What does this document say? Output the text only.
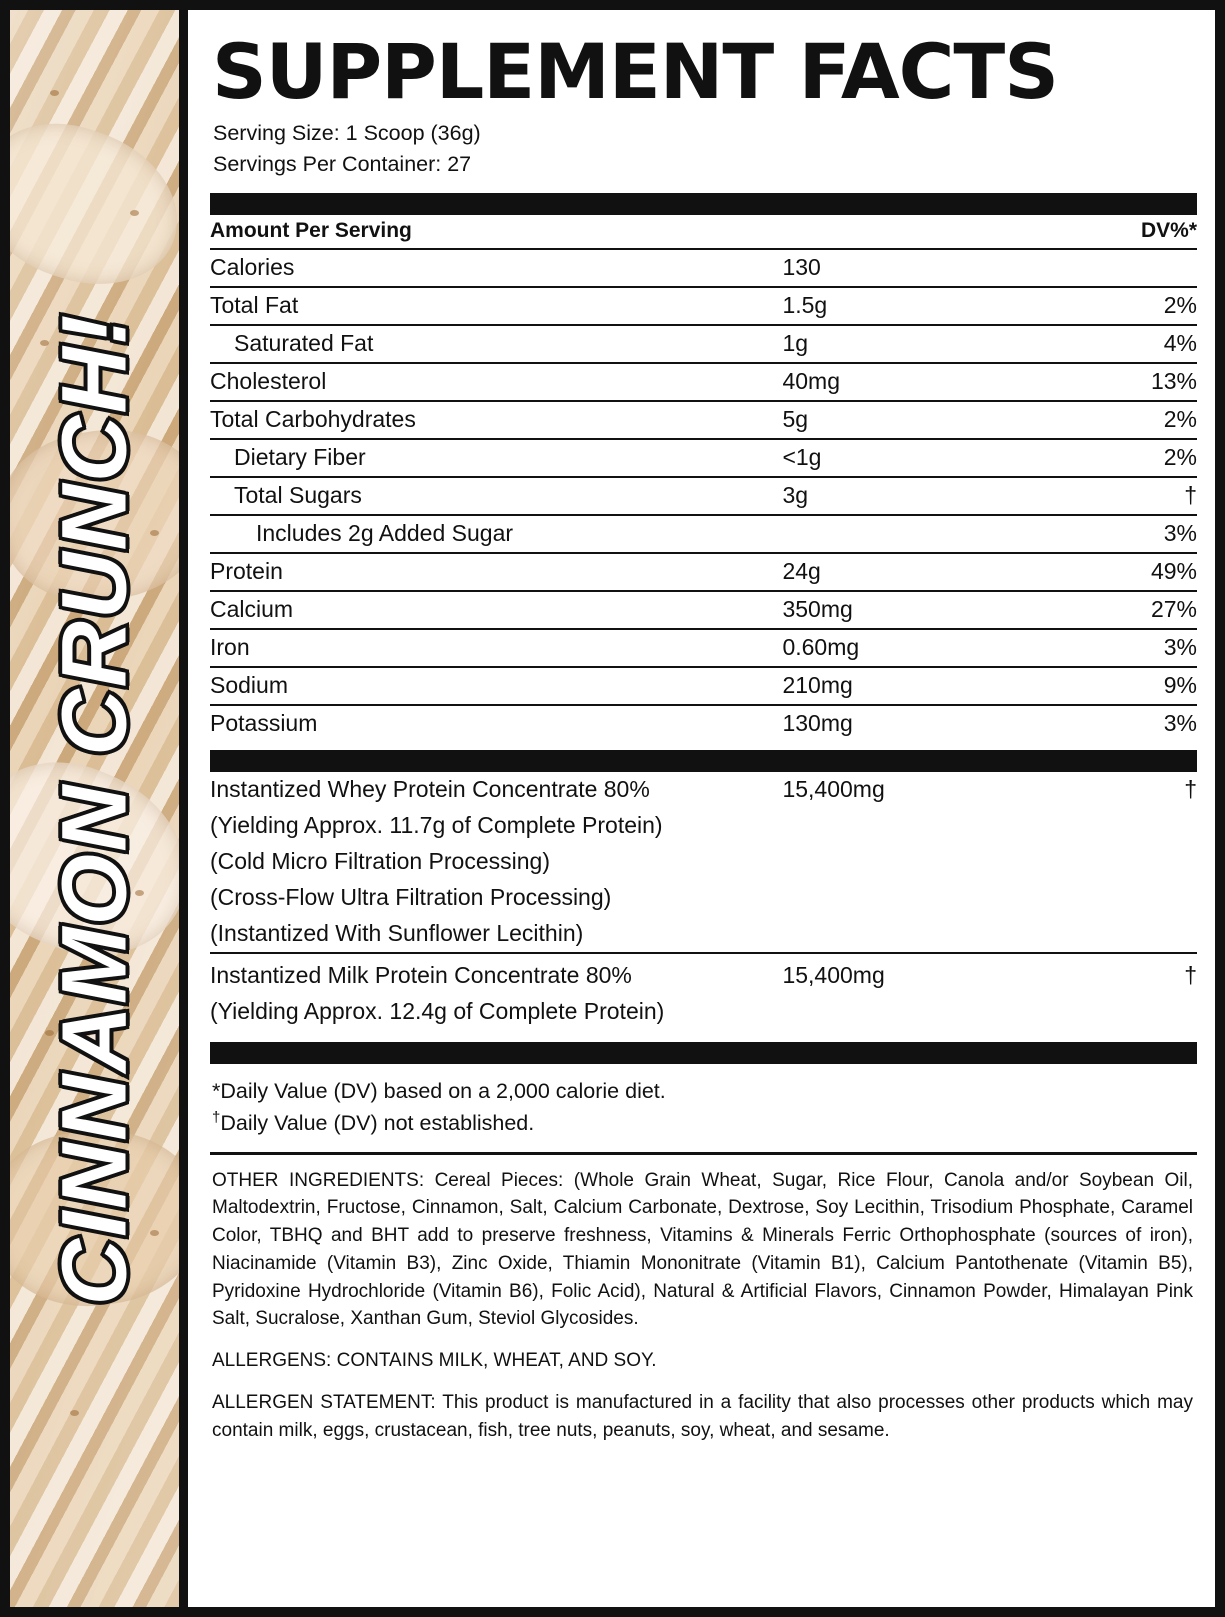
CINNAMON CRUNCH!
SUPPLEMENT FACTS
Serving Size: 1 Scoop (36g)
Servings Per Container: 27
Amount Per Serving		DV%*
Calories	130	
Total Fat	1.5g	2%
Saturated Fat	1g	4%
Cholesterol	40mg	13%
Total Carbohydrates	5g	2%
Dietary Fiber	<1g	2%
Total Sugars	3g	†
Includes 2g Added Sugar		3%
Protein	24g	49%
Calcium	350mg	27%
Iron	0.60mg	3%
Sodium	210mg	9%
Potassium	130mg	3%
Instantized Whey Protein Concentrate 80%	15,400mg	†
(Yielding Approx. 11.7g of Complete Protein)		
(Cold Micro Filtration Processing)		
(Cross-Flow Ultra Filtration Processing)		
(Instantized With Sunflower Lecithin)		
Instantized Milk Protein Concentrate 80%	15,400mg	†
(Yielding Approx. 12.4g of Complete Protein)		
*Daily Value (DV) based on a 2,000 calorie diet.
†Daily Value (DV) not established.

OTHER INGREDIENTS: Cereal Pieces: (Whole Grain Wheat, Sugar, Rice Flour, Canola and/or Soybean Oil, Maltodextrin, Fructose, Cinnamon, Salt, Calcium Carbonate, Dextrose, Soy Lecithin, Trisodium Phosphate, Caramel Color, TBHQ and BHT add to preserve freshness, Vitamins & Minerals Ferric Orthophosphate (sources of iron), Niacinamide (Vitamin B3), Zinc Oxide, Thiamin Mononitrate (Vitamin B1), Calcium Pantothenate (Vitamin B5), Pyridoxine Hydrochloride (Vitamin B6), Folic Acid), Natural & Artificial Flavors, Cinnamon Powder, Himalayan Pink Salt, Sucralose, Xanthan Gum, Steviol Glycosides.

ALLERGENS: CONTAINS MILK, WHEAT, AND SOY.

ALLERGEN STATEMENT: This product is manufactured in a facility that also processes other products which may contain milk, eggs, crustacean, fish, tree nuts, peanuts, soy, wheat, and sesame.
